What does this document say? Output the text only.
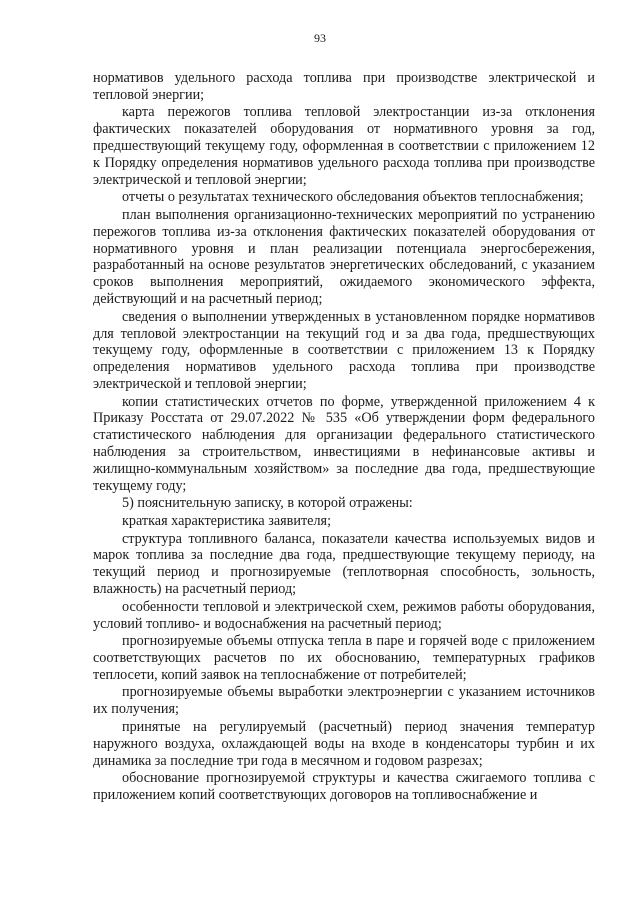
93

нормативов удельного расхода топлива при производстве электрической и тепловой энергии;

карта пережогов топлива тепловой электростанции из-за отклонения фактических показателей оборудования от нормативного уровня за год, предшествующий текущему году, оформленная в соответствии с приложением 12 к Порядку определения нормативов удельного расхода топлива при производстве электрической и тепловой энергии;

отчеты о результатах технического обследования объектов теплоснабжения;

план выполнения организационно-технических мероприятий по устранению пережогов топлива из-за отклонения фактических показателей оборудования от нормативного уровня и план реализации потенциала энергосбережения, разработанный на основе результатов энергетических обследований, с указанием сроков выполнения мероприятий, ожидаемого экономического эффекта, действующий и на расчетный период;

сведения о выполнении утвержденных в установленном порядке нормативов для тепловой электростанции на текущий год и за два года, предшествующих текущему году, оформленные в соответствии с приложением 13 к Порядку определения нормативов удельного расхода топлива при производстве электрической и тепловой энергии;

копии статистических отчетов по форме, утвержденной приложением 4 к Приказу Росстата от 29.07.2022 № 535 «Об утверждении форм федерального статистического наблюдения для организации федерального статистического наблюдения за строительством, инвестициями в нефинансовые активы и жилищно-коммунальным хозяйством» за последние два года, предшествующие текущему году;

5) пояснительную записку, в которой отражены:

краткая характеристика заявителя;

структура топливного баланса, показатели качества используемых видов и марок топлива за последние два года, предшествующие текущему периоду, на текущий период и прогнозируемые (теплотворная способность, зольность, влажность) на расчетный период;

особенности тепловой и электрической схем, режимов работы оборудования, условий топливо- и водоснабжения на расчетный период;

прогнозируемые объемы отпуска тепла в паре и горячей воде с приложением соответствующих расчетов по их обоснованию, температурных графиков теплосети, копий заявок на теплоснабжение от потребителей;

прогнозируемые объемы выработки электроэнергии с указанием источников их получения;

принятые на регулируемый (расчетный) период значения температур наружного воздуха, охлаждающей воды на входе в конденсаторы турбин и их динамика за последние три года в месячном и годовом разрезах;

обоснование прогнозируемой структуры и качества сжигаемого топлива с приложением копий соответствующих договоров на топливоснабжение и
